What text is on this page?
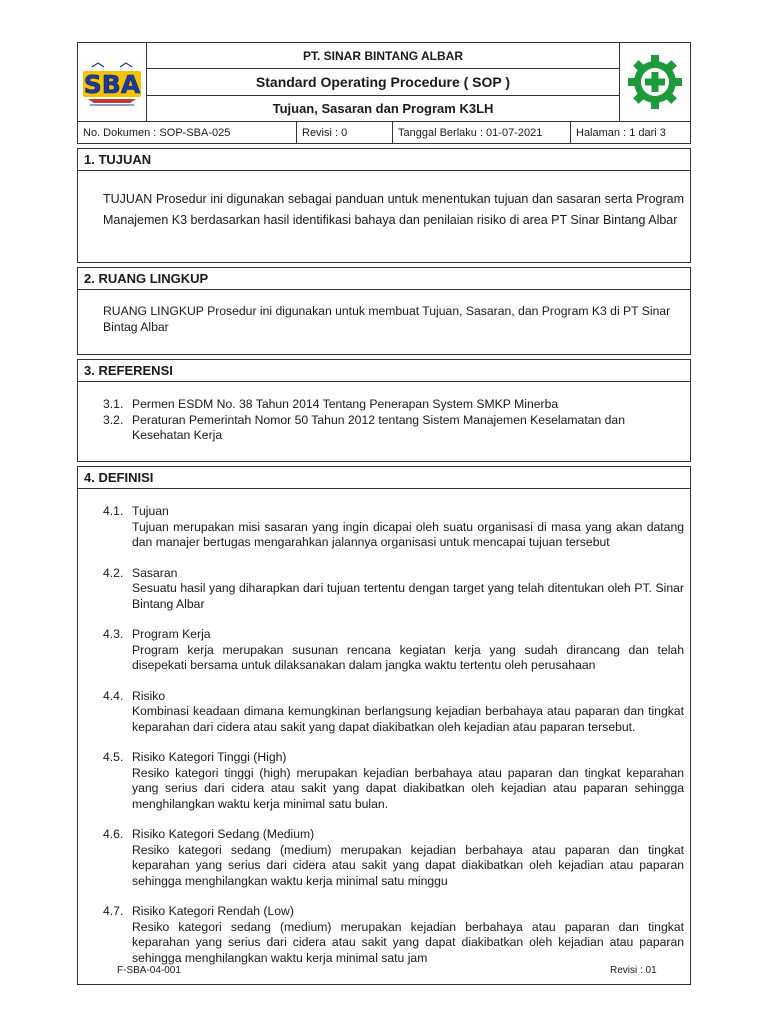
SBA
PT. SINAR BINTANG ALBAR
Standard Operating Procedure ( SOP )
Tujuan, Sasaran dan Program K3LH
No. Dokumen : SOP-SBA-025	Revisi : 0	Tanggal Berlaku : 01-07-2021	Halaman : 1 dari 3
1. TUJUAN
TUJUAN Prosedur ini digunakan sebagai panduan untuk menentukan tujuan dan sasaran serta Program Manajemen K3 berdasarkan hasil identifikasi bahaya dan penilaian risiko di area PT Sinar Bintang Albar
2. RUANG LINGKUP
RUANG LINGKUP Prosedur ini digunakan untuk membuat Tujuan, Sasaran, dan Program K3 di PT Sinar Bintag Albar
3. REFERENSI
3.1. Permen ESDM No. 38 Tahun 2014 Tentang Penerapan System SMKP Minerba
3.2. Peraturan Pemerintah Nomor 50 Tahun 2012 tentang Sistem Manajemen Keselamatan dan Kesehatan Kerja
4. DEFINISI
4.1. Tujuan
Tujuan merupakan misi sasaran yang ingin dicapai oleh suatu organisasi di masa yang akan datang dan manajer bertugas mengarahkan jalannya organisasi untuk mencapai tujuan tersebut
4.2. Sasaran
Sesuatu hasil yang diharapkan dari tujuan tertentu dengan target yang telah ditentukan oleh PT. Sinar Bintang Albar
4.3. Program Kerja
Program kerja merupakan susunan rencana kegiatan kerja yang sudah dirancang dan telah disepekati bersama untuk dilaksanakan dalam jangka waktu tertentu oleh perusahaan
4.4. Risiko
Kombinasi keadaan dimana kemungkinan berlangsung kejadian berbahaya atau paparan dan tingkat keparahan dari cidera atau sakit yang dapat diakibatkan oleh kejadian atau paparan tersebut.
4.5. Risiko Kategori Tinggi (High)
Resiko kategori tinggi (high) merupakan kejadian berbahaya atau paparan dan tingkat keparahan yang serius dari cidera atau sakit yang dapat diakibatkan oleh kejadian atau paparan sehingga menghilangkan waktu kerja minimal satu bulan.
4.6. Risiko Kategori Sedang (Medium)
Resiko kategori sedang (medium) merupakan kejadian berbahaya atau paparan dan tingkat keparahan yang serius dari cidera atau sakit yang dapat diakibatkan oleh kejadian atau paparan sehingga menghilangkan waktu kerja minimal satu minggu
4.7. Risiko Kategori Rendah (Low)
Resiko kategori sedang (medium) merupakan kejadian berbahaya atau paparan dan tingkat keparahan yang serius dari cidera atau sakit yang dapat diakibatkan oleh kejadian atau paparan sehingga menghilangkan waktu kerja minimal satu jam
F-SBA-04-001	Revisi : 01
